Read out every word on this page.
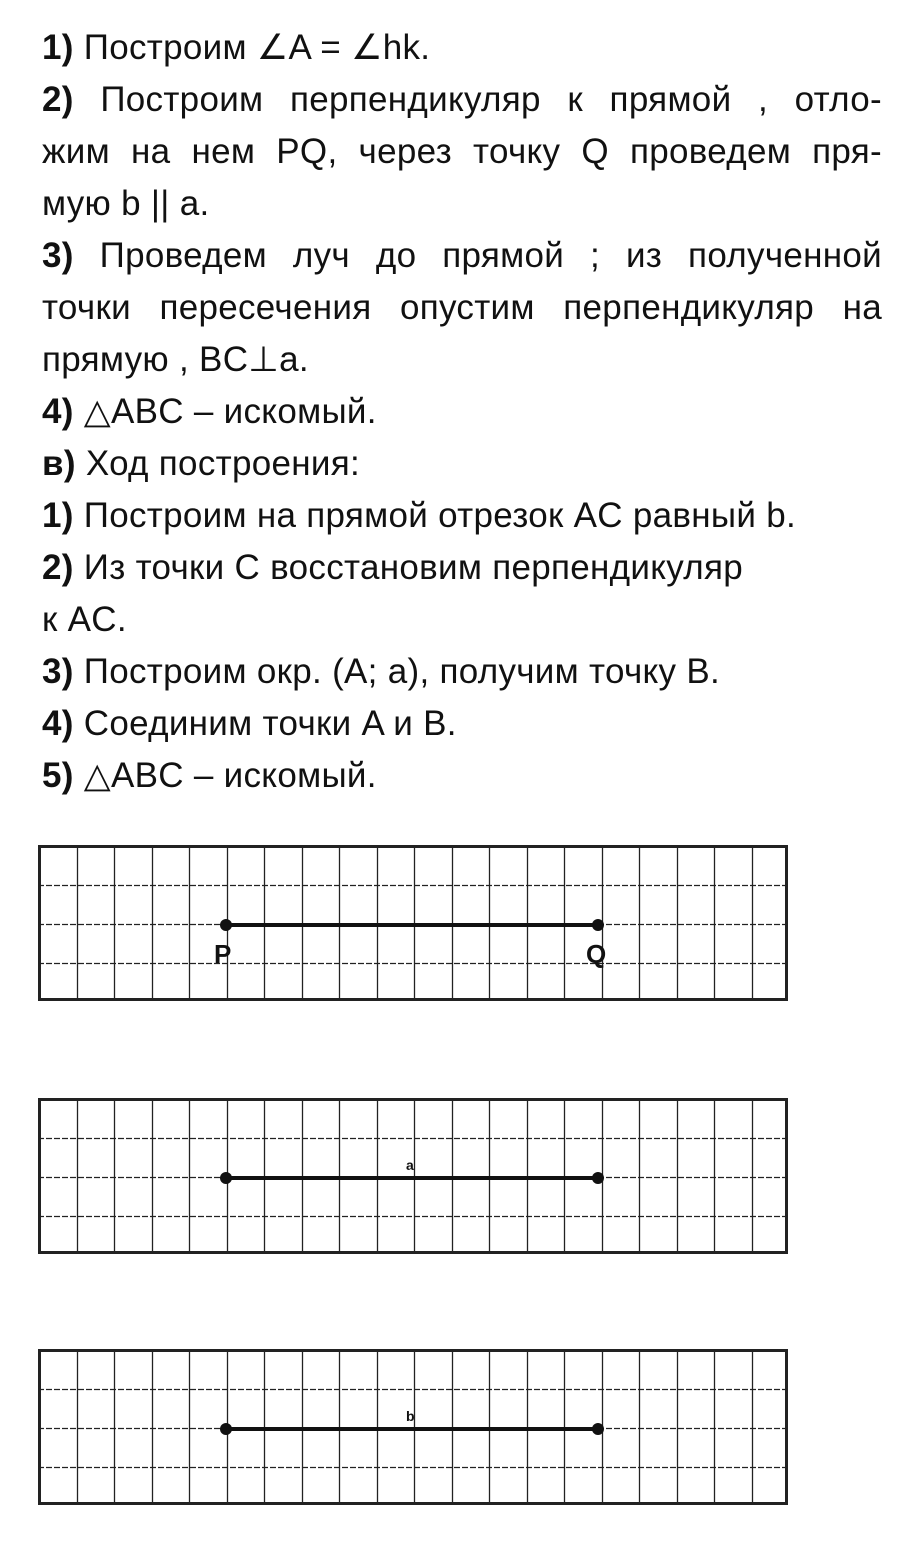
1) Построим ∠A = ∠hk.
2) Построим перпендикуляр к прямой , отло-
жим на нем PQ, через точку Q проведем пря-
мую b || a.
3) Проведем луч до прямой ; из полученной
точки пересечения опустим перпендикуляр на
прямую , BC⊥a.
4) △ABC – искомый.
в) Ход построения:
1) Построим на прямой отрезок AC равный b.
2) Из точки C восстановим перпендикуляр
к AC.
3) Построим окр. (A; a), получим точку B.
4) Соединим точки A и B.
5) △ABC – искомый.
P	Q
a
b
